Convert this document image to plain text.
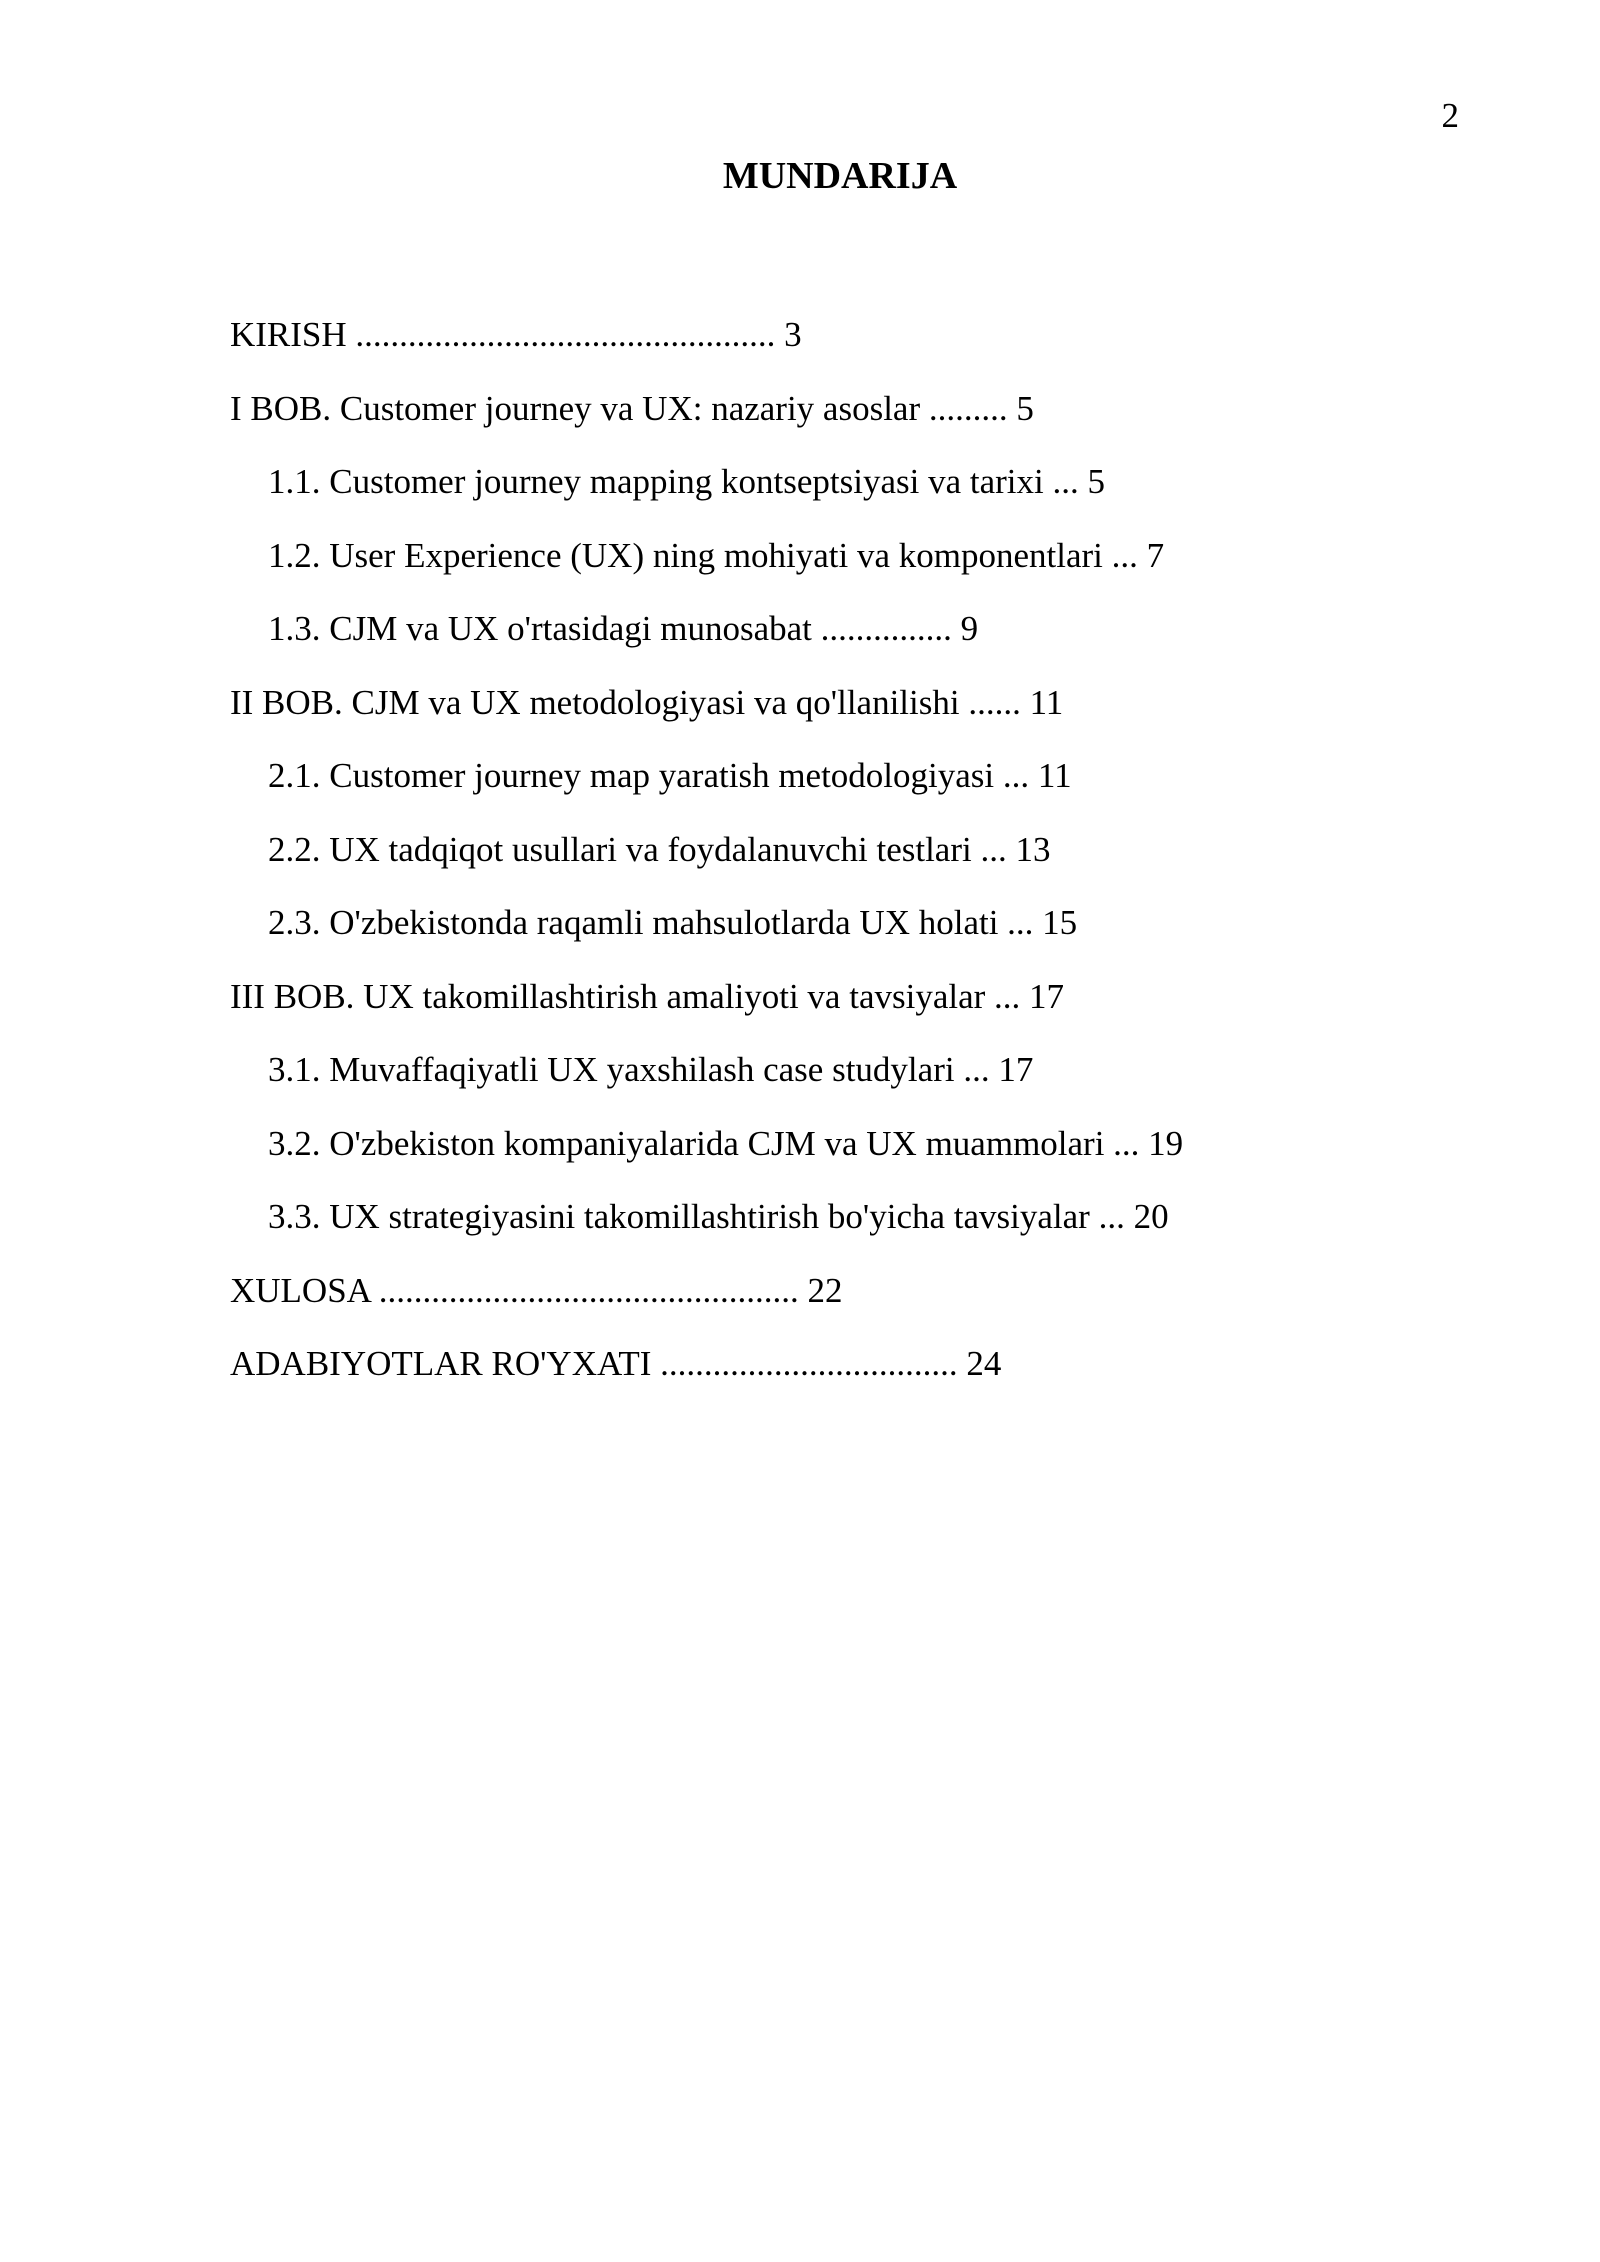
2

MUNDARIJA
KIRISH ................................................ 3
I BOB. Customer journey va UX: nazariy asoslar ......... 5
1.1. Customer journey mapping kontseptsiyasi va tarixi ... 5
1.2. User Experience (UX) ning mohiyati va komponentlari ... 7
1.3. CJM va UX o'rtasidagi munosabat ............... 9
II BOB. CJM va UX metodologiyasi va qo'llanilishi ...... 11
2.1. Customer journey map yaratish metodologiyasi ... 11
2.2. UX tadqiqot usullari va foydalanuvchi testlari ... 13
2.3. O'zbekistonda raqamli mahsulotlarda UX holati ... 15
III BOB. UX takomillashtirish amaliyoti va tavsiyalar ... 17
3.1. Muvaffaqiyatli UX yaxshilash case studylari ... 17
3.2. O'zbekiston kompaniyalarida CJM va UX muammolari ... 19
3.3. UX strategiyasini takomillashtirish bo'yicha tavsiyalar ... 20
XULOSA ................................................ 22
ADABIYOTLAR RO'YXATI .................................. 24
